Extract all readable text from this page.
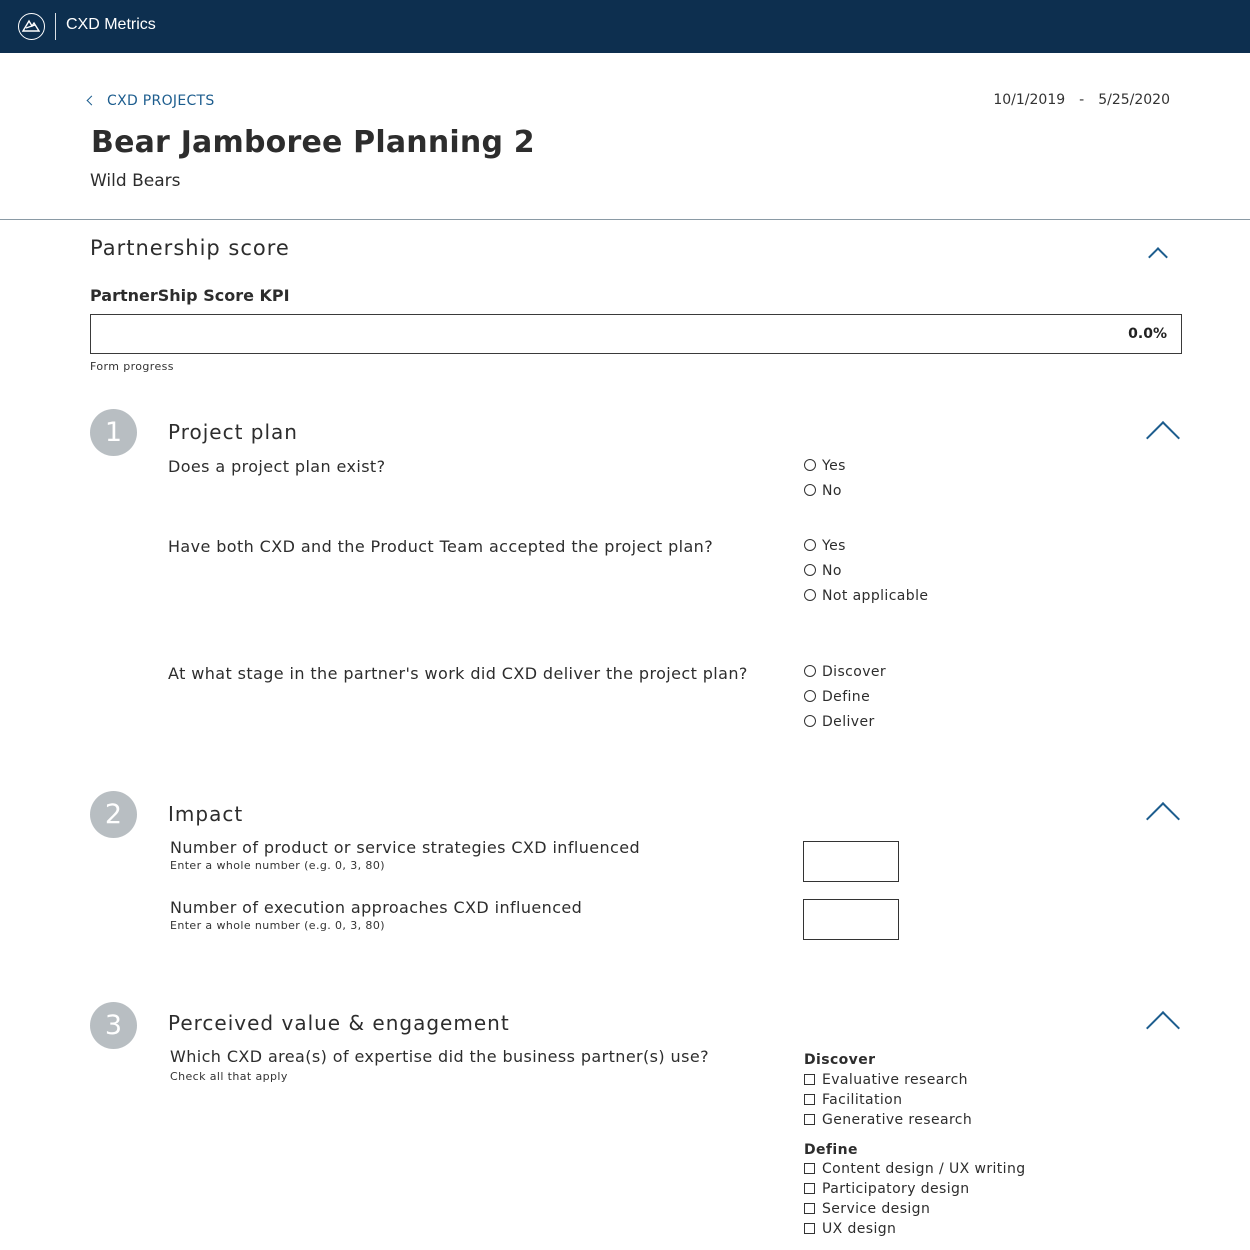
CXD Metrics
CXD PROJECTS	10/1/2019 - 5/25/2020
Bear Jamboree Planning 2
Wild Bears
Partnership score
PartnerShip Score KPI
0.0%
Form progress
1	Project plan
Does a project plan exist?	Yes
No
Have both CXD and the Product Team accepted the project plan?	Yes
No
Not applicable
At what stage in the partner's work did CXD deliver the project plan?	Discover
Define
Deliver
2	Impact
Number of product or service strategies CXD influenced
Enter a whole number (e.g. 0, 3, 80)
Number of execution approaches CXD influenced
Enter a whole number (e.g. 0, 3, 80)
3	Perceived value & engagement
Which CXD area(s) of expertise did the business partner(s) use?
Check all that apply
Discover
Evaluative research
Facilitation
Generative research
Define
Content design / UX writing
Participatory design
Service design
UX design
